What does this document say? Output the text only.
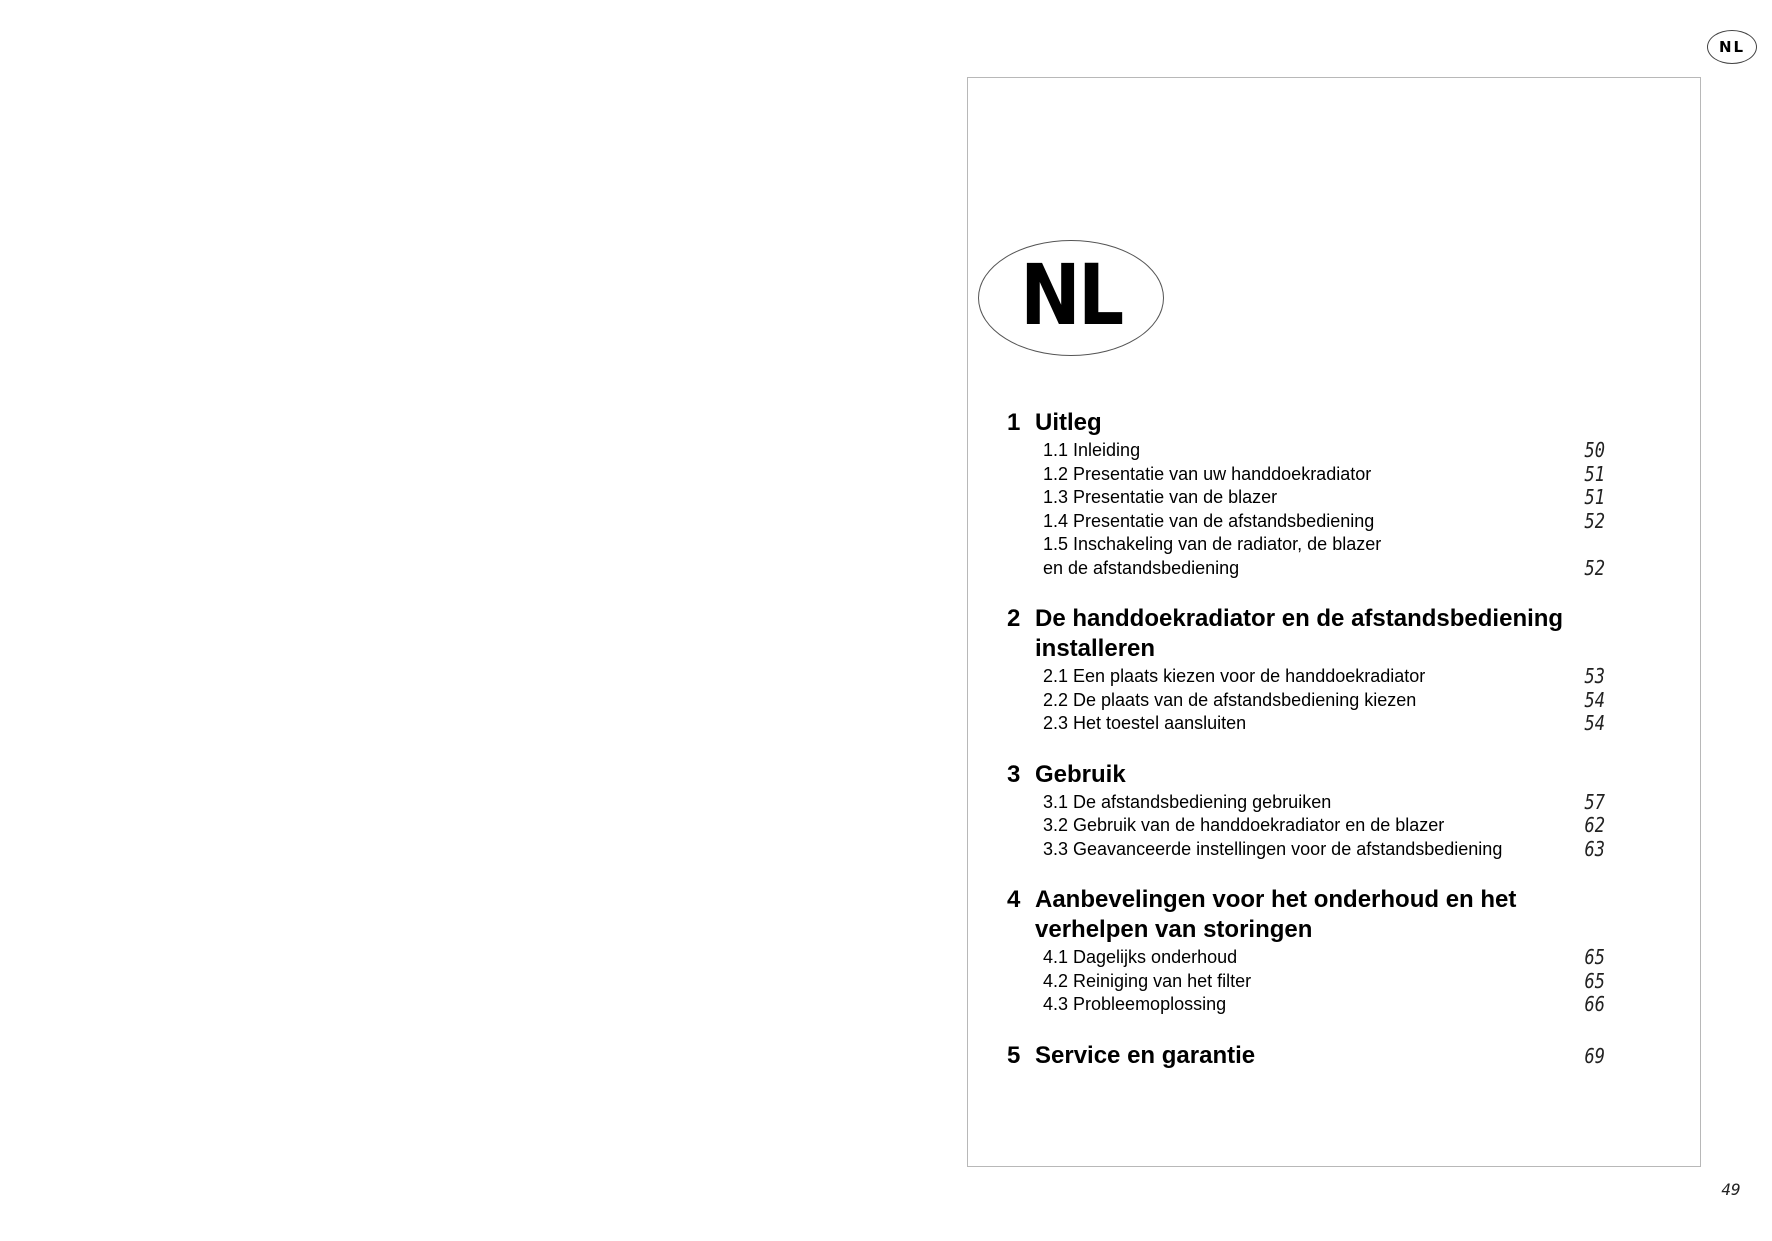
NL
NL
1 Uitleg
1.1 Inleiding	50
1.2 Presentatie van uw handdoekradiator	51
1.3 Presentatie van de blazer	51
1.4 Presentatie van de afstandsbediening	52
1.5 Inschakeling van de radiator, de blazer
en de afstandsbediening	52
2 De handdoekradiator en de afstandsbediening installeren
2.1 Een plaats kiezen voor de handdoekradiator	53
2.2 De plaats van de afstandsbediening kiezen	54
2.3 Het toestel aansluiten	54
3 Gebruik
3.1 De afstandsbediening gebruiken	57
3.2 Gebruik van de handdoekradiator en de blazer	62
3.3 Geavanceerde instellingen voor de afstandsbediening	63
4 Aanbevelingen voor het onderhoud en het verhelpen van storingen
4.1 Dagelijks onderhoud	65
4.2 Reiniging van het filter	65
4.3 Probleemoplossing	66
5 Service en garantie	69
49
